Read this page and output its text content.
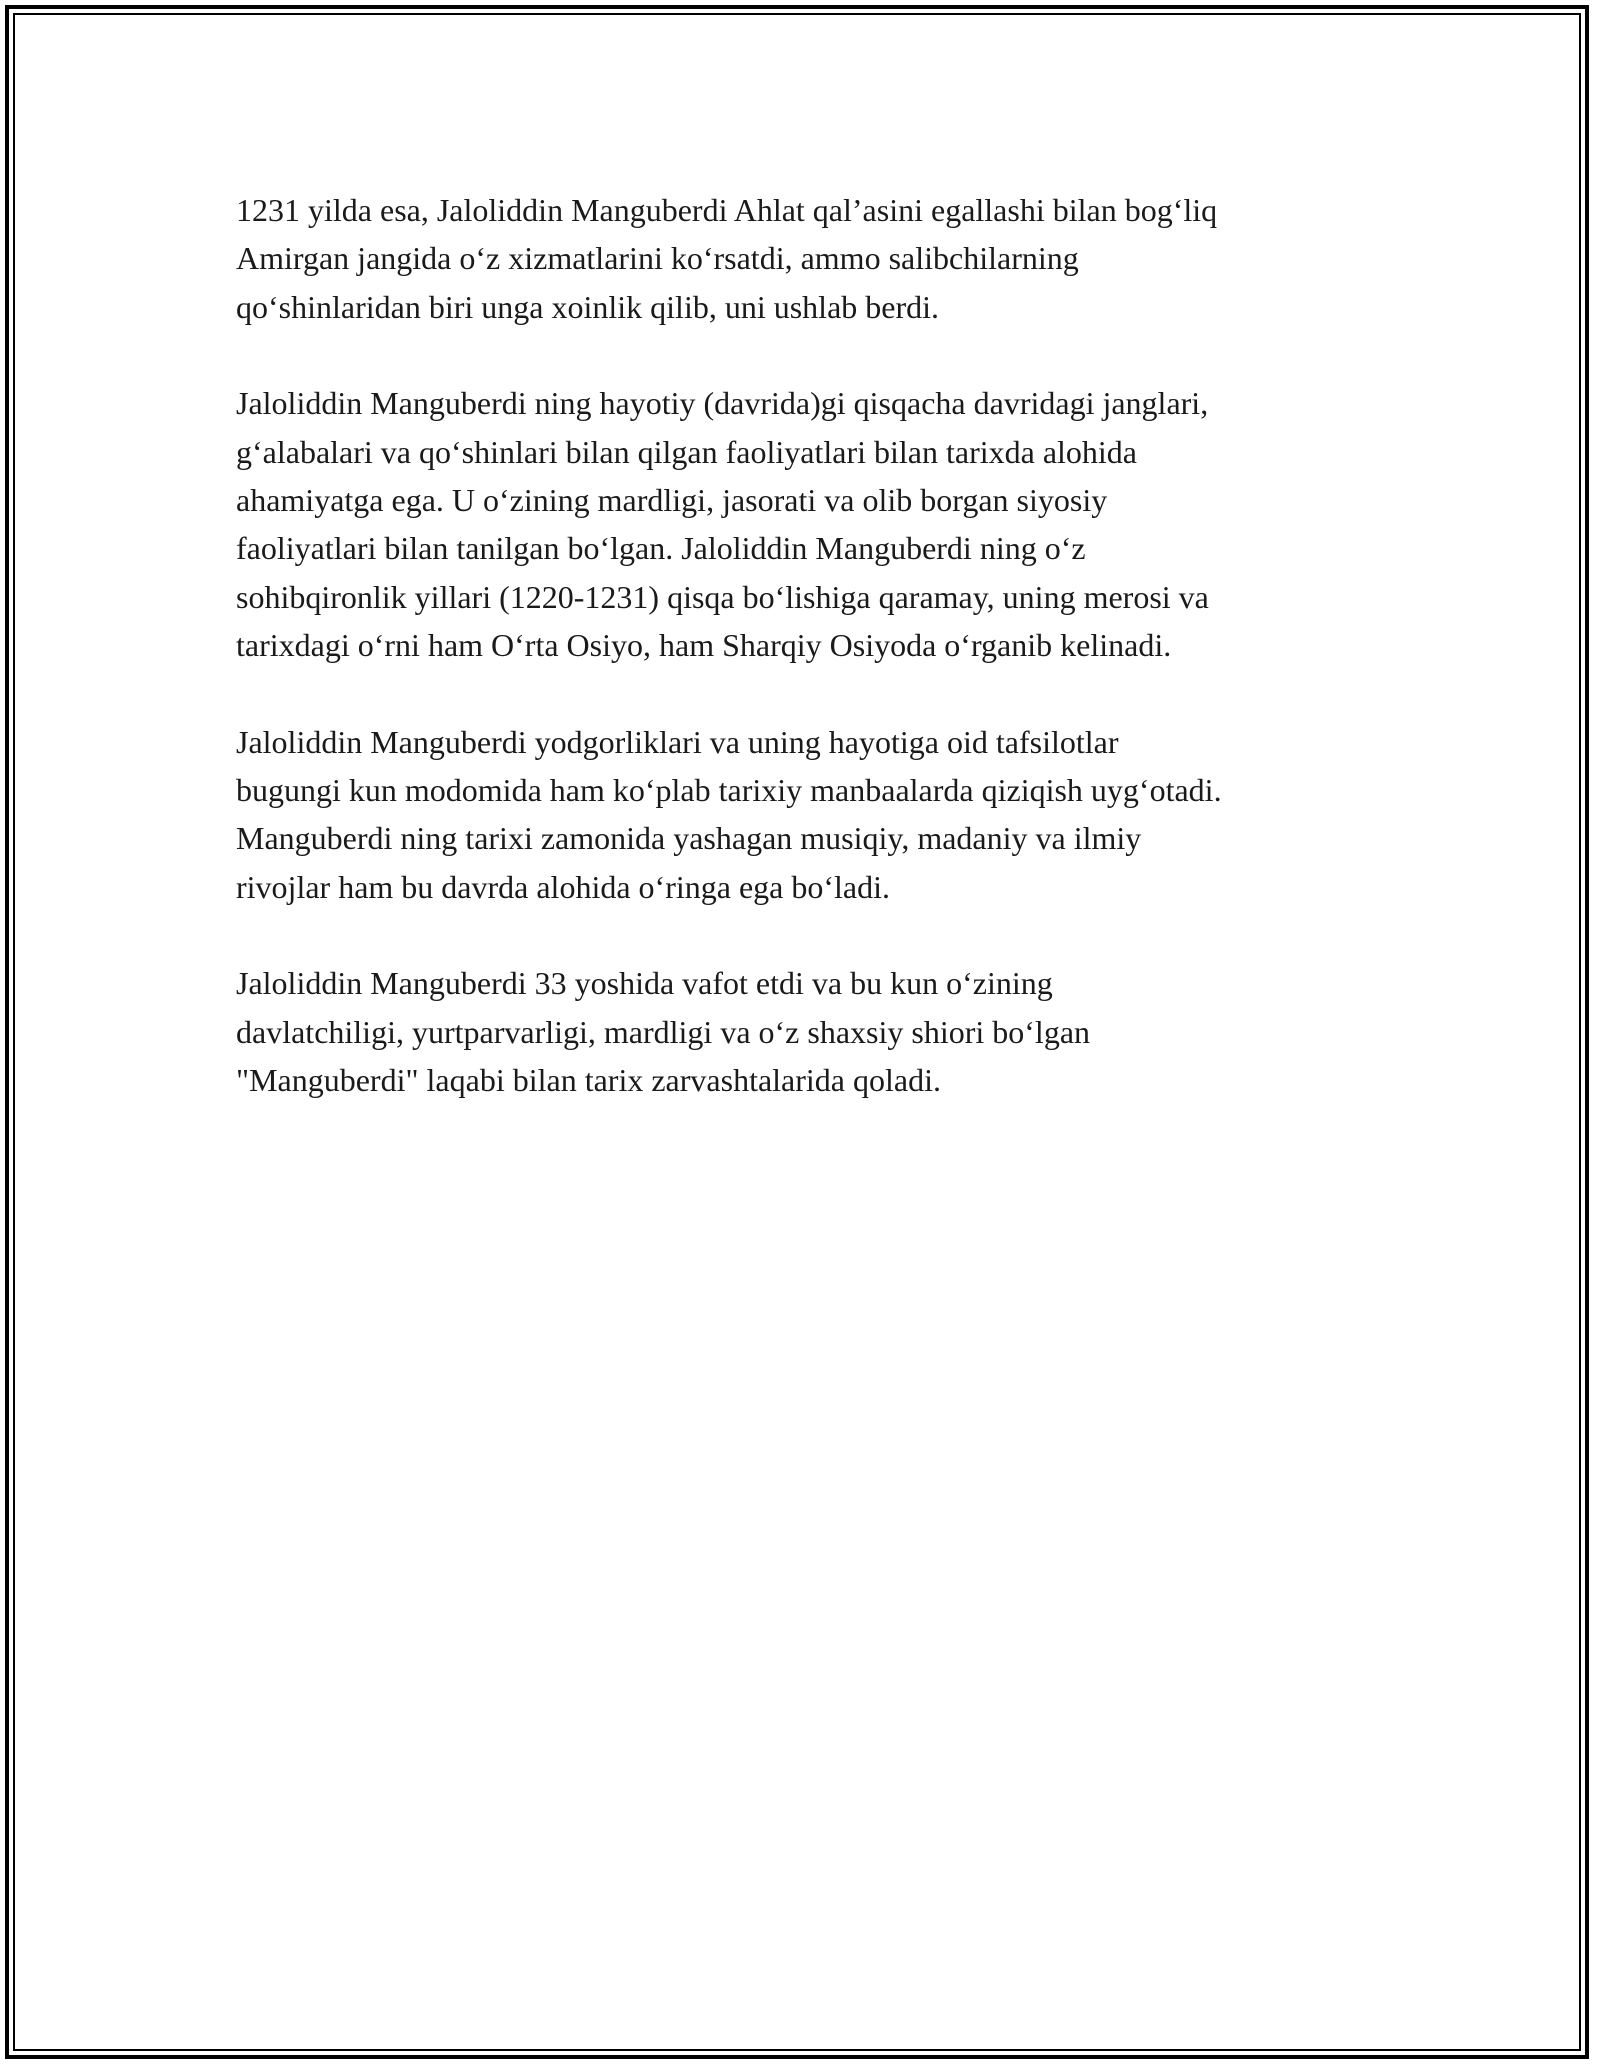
1231 yilda esa, Jaloliddin Manguberdi Ahlat qal’asini egallashi bilan bog‘liq
Amirgan jangida o‘z xizmatlarini ko‘rsatdi, ammo salibchilarning
qo‘shinlaridan biri unga xoinlik qilib, uni ushlab berdi.

Jaloliddin Manguberdi ning hayotiy (davrida)gi qisqacha davridagi janglari,
g‘alabalari va qo‘shinlari bilan qilgan faoliyatlari bilan tarixda alohida
ahamiyatga ega. U o‘zining mardligi, jasorati va olib borgan siyosiy
faoliyatlari bilan tanilgan bo‘lgan. Jaloliddin Manguberdi ning o‘z
sohibqironlik yillari (1220-1231) qisqa bo‘lishiga qaramay, uning merosi va
tarixdagi o‘rni ham O‘rta Osiyo, ham Sharqiy Osiyoda o‘rganib kelinadi.

Jaloliddin Manguberdi yodgorliklari va uning hayotiga oid tafsilotlar
bugungi kun modomida ham ko‘plab tarixiy manbaalarda qiziqish uyg‘otadi.
Manguberdi ning tarixi zamonida yashagan musiqiy, madaniy va ilmiy
rivojlar ham bu davrda alohida o‘ringa ega bo‘ladi.

Jaloliddin Manguberdi 33 yoshida vafot etdi va bu kun o‘zining
davlatchiligi, yurtparvarligi, mardligi va o‘z shaxsiy shiori bo‘lgan
"Manguberdi" laqabi bilan tarix zarvashtalarida qoladi.
